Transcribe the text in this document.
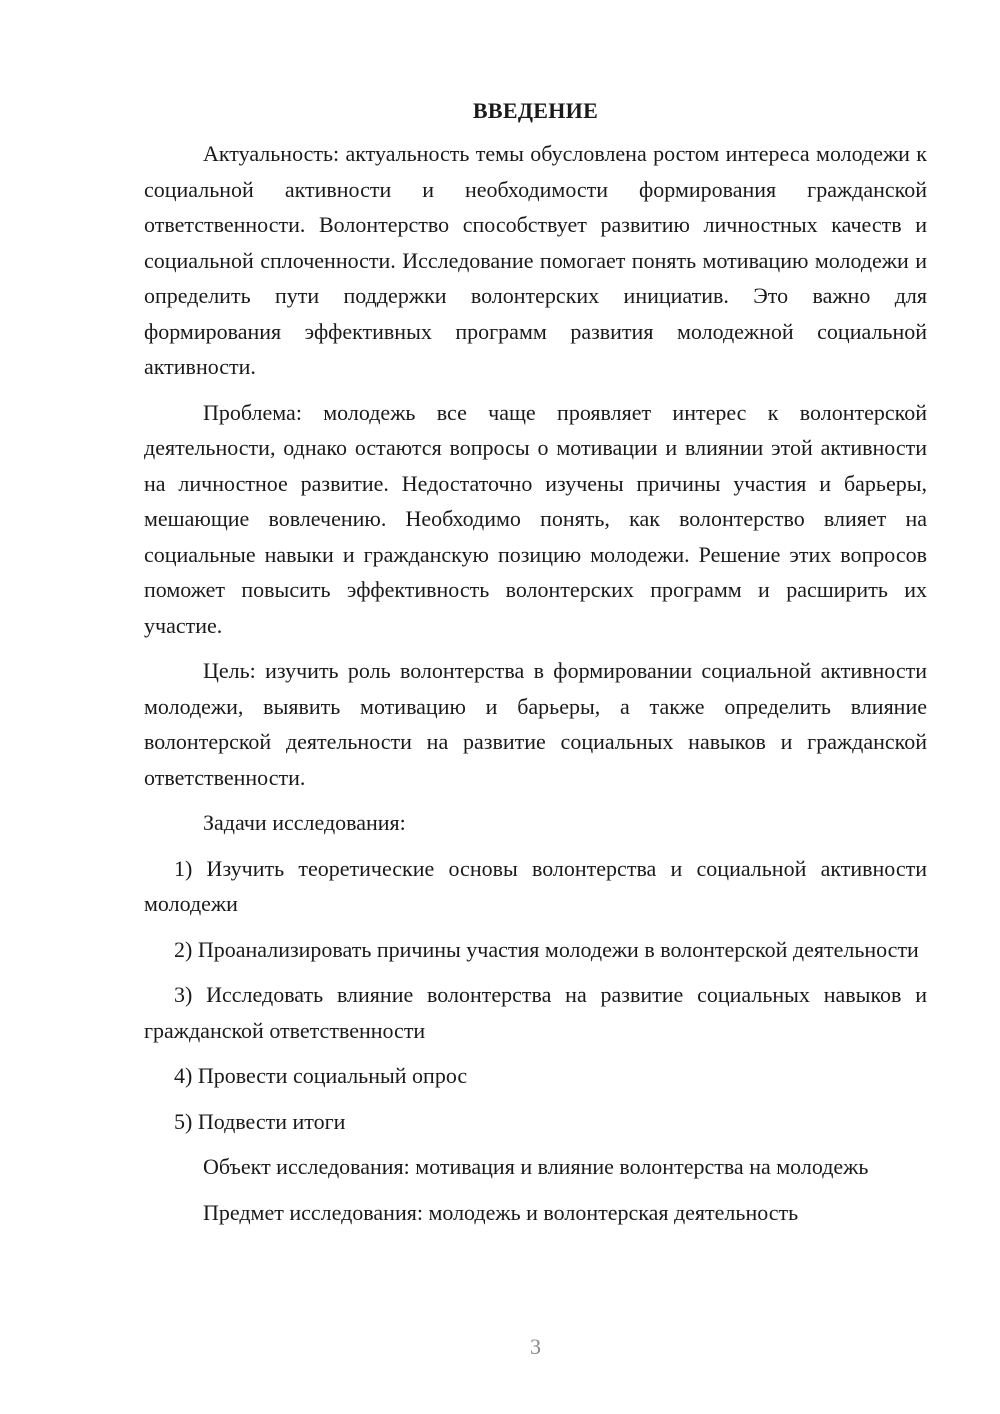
ВВЕДЕНИЕ

Актуальность: актуальность темы обусловлена ростом интереса молодежи к социальной активности и необходимости формирования гражданской ответственности. Волонтерство способствует развитию личностных качеств и социальной сплоченности. Исследование помогает понять мотивацию молодежи и определить пути поддержки волонтерских инициатив. Это важно для формирования эффективных программ развития молодежной социальной активности.

Проблема: молодежь все чаще проявляет интерес к волонтерской деятельности, однако остаются вопросы о мотивации и влиянии этой активности на личностное развитие. Недостаточно изучены причины участия и барьеры, мешающие вовлечению. Необходимо понять, как волонтерство влияет на социальные навыки и гражданскую позицию молодежи. Решение этих вопросов поможет повысить эффективность волонтерских программ и расширить их участие.

Цель: изучить роль волонтерства в формировании социальной активности молодежи, выявить мотивацию и барьеры, а также определить влияние волонтерской деятельности на развитие социальных навыков и гражданской ответственности.

Задачи исследования:

1) Изучить теоретические основы волонтерства и социальной активности молодежи

2) Проанализировать причины участия молодежи в волонтерской деятельности

3) Исследовать влияние волонтерства на развитие социальных навыков и гражданской ответственности

4) Провести социальный опрос

5) Подвести итоги

Объект исследования: мотивация и влияние волонтерства на молодежь

Предмет исследования: молодежь и волонтерская деятельность

3
